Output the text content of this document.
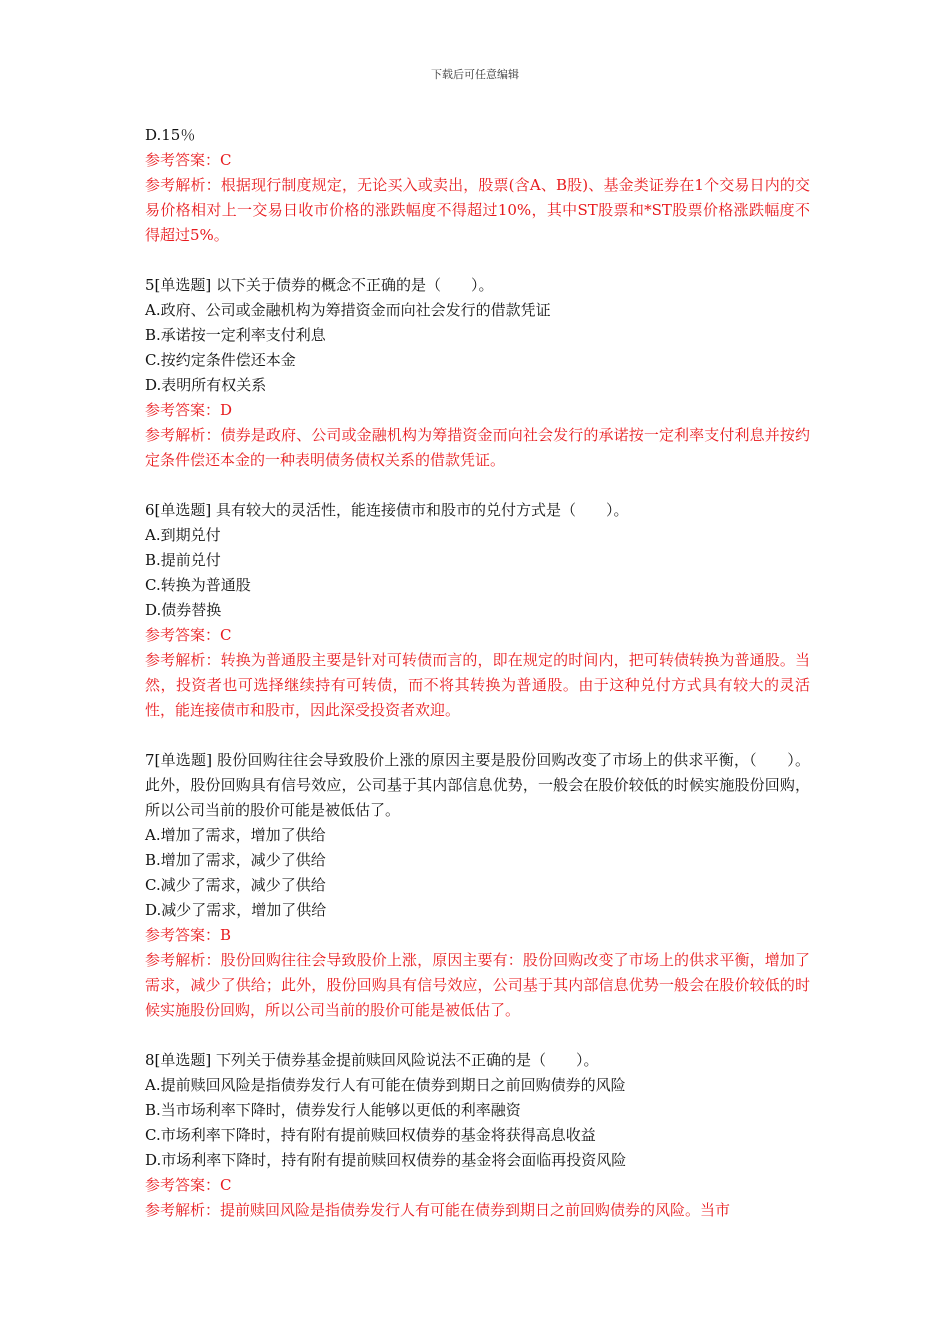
下载后可任意编辑
D.15％
参考答案：C
参考解析：根据现行制度规定，无论买入或卖出，股票(含A、B股)、基金类证券在1个交易日内的交易价格相对上一交易日收市价格的涨跌幅度不得超过10%，其中ST股票和*ST股票价格涨跌幅度不得超过5%。
5[单选题] 以下关于债券的概念不正确的是（　　）。
A.政府、公司或金融机构为筹措资金而向社会发行的借款凭证
B.承诺按一定利率支付利息
C.按约定条件偿还本金
D.表明所有权关系
参考答案：D
参考解析：债券是政府、公司或金融机构为筹措资金而向社会发行的承诺按一定利率支付利息并按约定条件偿还本金的一种表明债务债权关系的借款凭证。
6[单选题] 具有较大的灵活性，能连接债市和股市的兑付方式是（　　）。
A.到期兑付
B.提前兑付
C.转换为普通股
D.债券替换
参考答案：C
参考解析：转换为普通股主要是针对可转债而言的，即在规定的时间内，把可转债转换为普通股。当然，投资者也可选择继续持有可转债，而不将其转换为普通股。由于这种兑付方式具有较大的灵活性，能连接债市和股市，因此深受投资者欢迎。
7[单选题] 股份回购往往会导致股价上涨的原因主要是股份回购改变了市场上的供求平衡，（　　）。此外，股份回购具有信号效应，公司基于其内部信息优势，一般会在股价较低的时候实施股份回购，所以公司当前的股价可能是被低估了。
A.增加了需求，增加了供给
B.增加了需求，减少了供给
C.减少了需求，减少了供给
D.减少了需求，增加了供给
参考答案：B
参考解析：股份回购往往会导致股价上涨，原因主要有：股份回购改变了市场上的供求平衡，增加了需求，减少了供给；此外，股份回购具有信号效应，公司基于其内部信息优势一般会在股价较低的时候实施股份回购，所以公司当前的股价可能是被低估了。
8[单选题] 下列关于债券基金提前赎回风险说法不正确的是（　　）。
A.提前赎回风险是指债券发行人有可能在债券到期日之前回购债券的风险
B.当市场利率下降时，债券发行人能够以更低的利率融资
C.市场利率下降时，持有附有提前赎回权债券的基金将获得高息收益
D.市场利率下降时，持有附有提前赎回权债券的基金将会面临再投资风险
参考答案：C
参考解析：提前赎回风险是指债券发行人有可能在债券到期日之前回购债券的风险。当市
